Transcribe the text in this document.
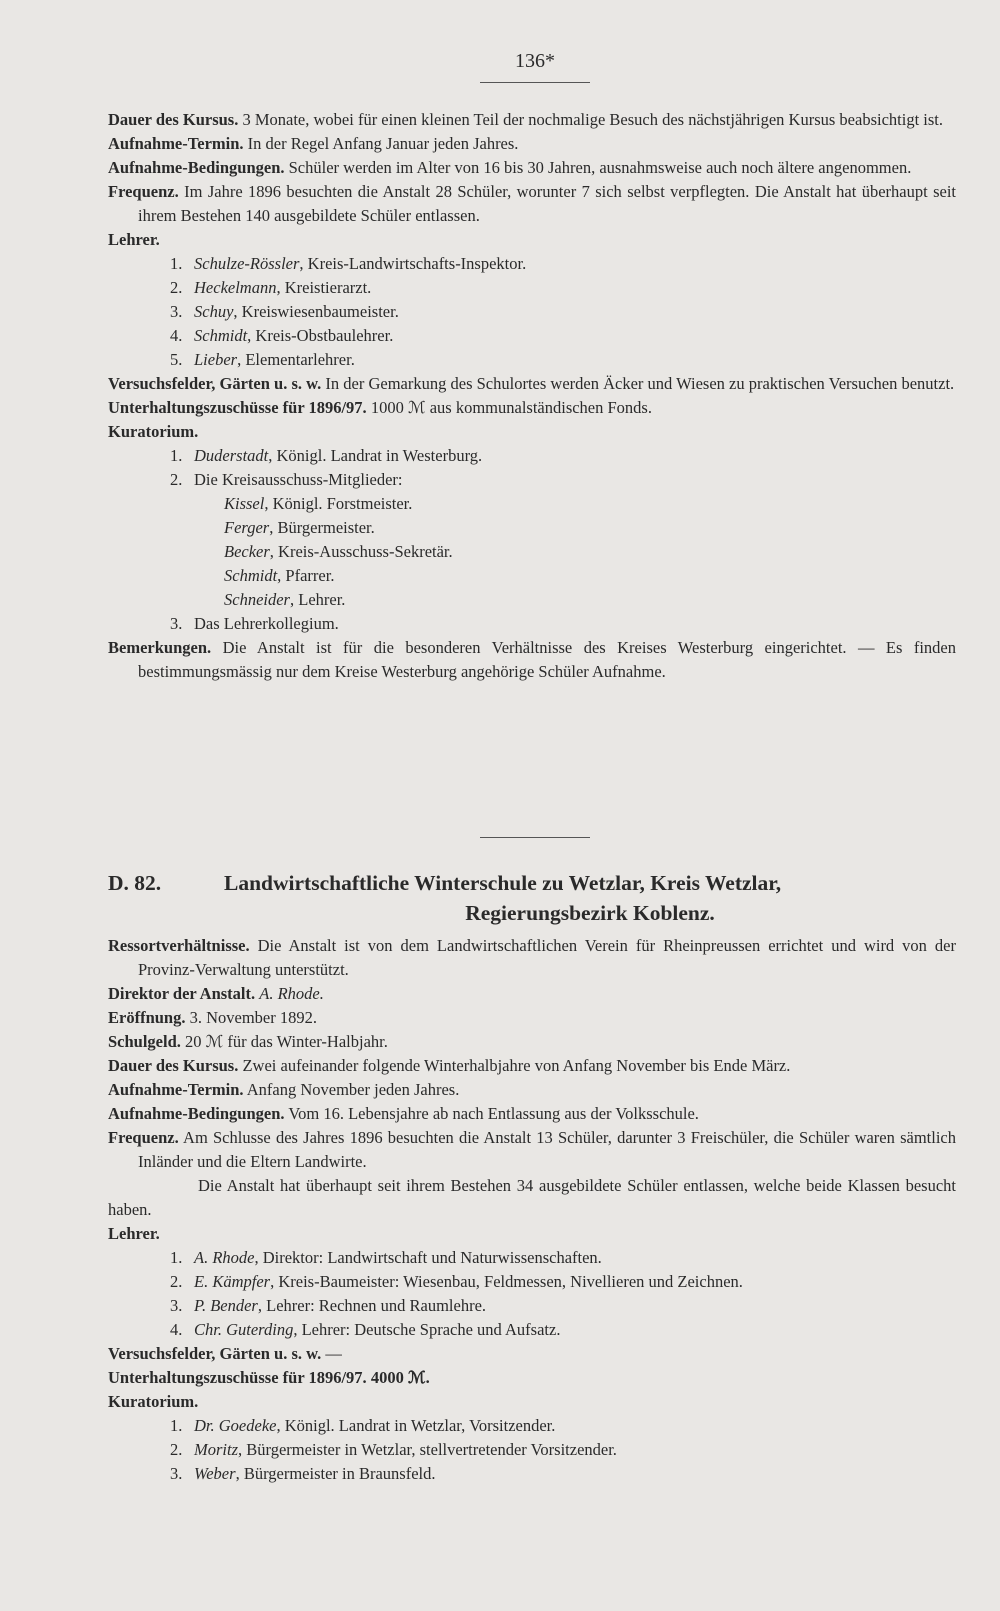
136*

Dauer des Kursus. 3 Monate, wobei für einen kleinen Teil der nochmalige Besuch des nächstjährigen Kursus beabsichtigt ist.

Aufnahme-Termin. In der Regel Anfang Januar jeden Jahres.

Aufnahme-Bedingungen. Schüler werden im Alter von 16 bis 30 Jahren, ausnahmsweise auch noch ältere angenommen.

Frequenz. Im Jahre 1896 besuchten die Anstalt 28 Schüler, worunter 7 sich selbst verpflegten. Die Anstalt hat überhaupt seit ihrem Bestehen 140 ausgebildete Schüler entlassen.

Lehrer.

1. Schulze-Rössler, Kreis-Landwirtschafts-Inspektor.

2. Heckelmann, Kreistierarzt.

3. Schuy, Kreiswiesenbaumeister.

4. Schmidt, Kreis-Obstbaulehrer.

5. Lieber, Elementarlehrer.

Versuchsfelder, Gärten u. s. w. In der Gemarkung des Schulortes werden Äcker und Wiesen zu praktischen Versuchen benutzt.

Unterhaltungszuschüsse für 1896/97. 1000 ℳ aus kommunalständischen Fonds.

Kuratorium.

1. Duderstadt, Königl. Landrat in Westerburg.

2. Die Kreisausschuss-Mitglieder:

Kissel, Königl. Forstmeister.

Ferger, Bürgermeister.

Becker, Kreis-Ausschuss-Sekretär.

Schmidt, Pfarrer.

Schneider, Lehrer.

3. Das Lehrerkollegium.

Bemerkungen. Die Anstalt ist für die besonderen Verhältnisse des Kreises Westerburg eingerichtet. — Es finden bestimmungsmässig nur dem Kreise Westerburg angehörige Schüler Aufnahme.

D. 82.	Landwirtschaftliche Winterschule zu Wetzlar, Kreis Wetzlar,
Regierungsbezirk Koblenz.

Ressortverhältnisse. Die Anstalt ist von dem Landwirtschaftlichen Verein für Rheinpreussen errichtet und wird von der Provinz-Verwaltung unterstützt.

Direktor der Anstalt. A. Rhode.

Eröffnung. 3. November 1892.

Schulgeld. 20 ℳ für das Winter-Halbjahr.

Dauer des Kursus. Zwei aufeinander folgende Winterhalbjahre von Anfang November bis Ende März.

Aufnahme-Termin. Anfang November jeden Jahres.

Aufnahme-Bedingungen. Vom 16. Lebensjahre ab nach Entlassung aus der Volksschule.

Frequenz. Am Schlusse des Jahres 1896 besuchten die Anstalt 13 Schüler, darunter 3 Freischüler, die Schüler waren sämtlich Inländer und die Eltern Landwirte.

Die Anstalt hat überhaupt seit ihrem Bestehen 34 ausgebildete Schüler entlassen, welche beide Klassen besucht haben.

Lehrer.

1. A. Rhode, Direktor: Landwirtschaft und Naturwissenschaften.

2. E. Kämpfer, Kreis-Baumeister: Wiesenbau, Feldmessen, Nivellieren und Zeichnen.

3. P. Bender, Lehrer: Rechnen und Raumlehre.

4. Chr. Guterding, Lehrer: Deutsche Sprache und Aufsatz.

Versuchsfelder, Gärten u. s. w. —

Unterhaltungszuschüsse für 1896/97. 4000 ℳ.

Kuratorium.

1. Dr. Goedeke, Königl. Landrat in Wetzlar, Vorsitzender.

2. Moritz, Bürgermeister in Wetzlar, stellvertretender Vorsitzender.

3. Weber, Bürgermeister in Braunsfeld.
